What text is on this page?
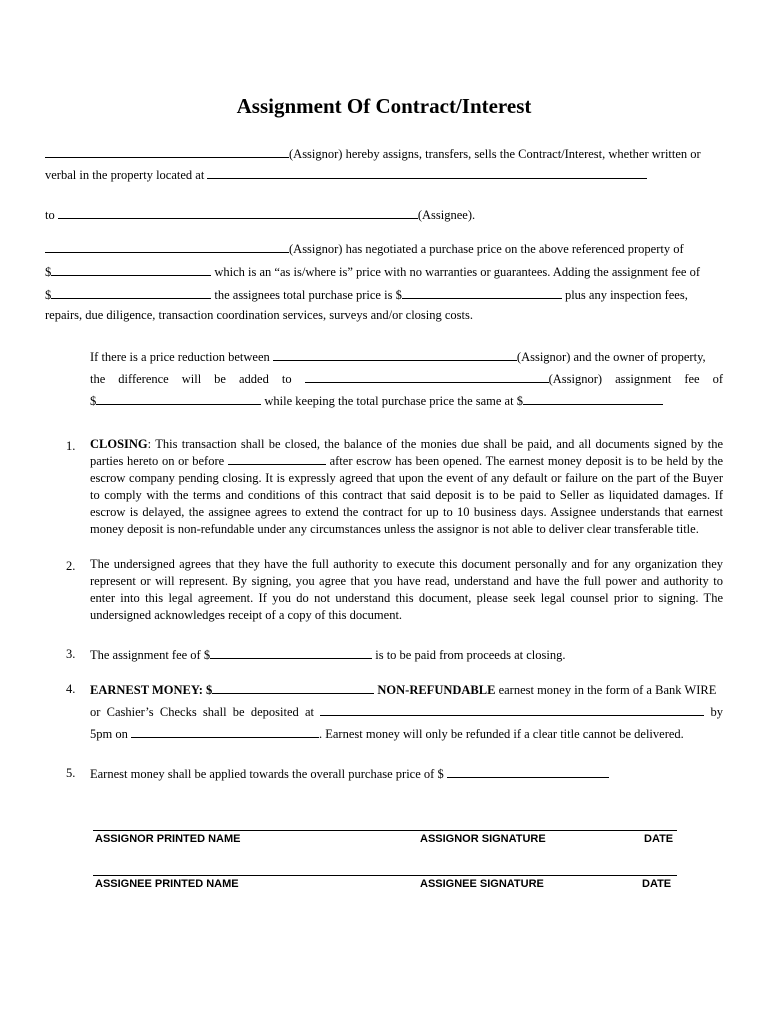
Assignment Of Contract/Interest
(Assignor) hereby assigns, transfers, sells the Contract/Interest, whether written or
verbal in the property located at
to	(Assignee).
(Assignor) has negotiated a purchase price on the above referenced property of
$	which is an “as is/where is” price with no warranties or guarantees. Adding the assignment fee of
$	the assignees total purchase price is $	plus any inspection fees,
repairs, due diligence, transaction coordination services, surveys and/or closing costs.
If there is a price reduction between	(Assignor) and the owner of property,
the difference will be added to	(Assignor) assignment fee of
$	while keeping the total purchase price the same at $
1. CLOSING: This transaction shall be closed, the balance of the monies due shall be paid, and all documents signed by the parties hereto on or before	after escrow has been opened. The earnest money deposit is to be held by the escrow company pending closing. It is expressly agreed that upon the event of any default or failure on the part of the Buyer to comply with the terms and conditions of this contract that said deposit is to be paid to Seller as liquidated damages. If escrow is delayed, the assignee agrees to extend the contract for up to 10 business days. Assignee understands that earnest money deposit is non-refundable under any circumstances unless the assignor is not able to deliver clear transferable title.

2. The undersigned agrees that they have the full authority to execute this document personally and for any organization they represent or will represent. By signing, you agree that you have read, understand and have the full power and authority to enter into this legal agreement. If you do not understand this document, please seek legal counsel prior to signing. The undersigned acknowledges receipt of a copy of this document.

3. The assignment fee of $	is to be paid from proceeds at closing.
4. EARNEST MONEY: $	NON-REFUNDABLE earnest money in the form of a Bank WIRE
or Cashier’s Checks shall be deposited at	by
5pm on	. Earnest money will only be refunded if a clear title cannot be delivered.
5. Earnest money shall be applied towards the overall purchase price of $
ASSIGNOR PRINTED NAME	ASSIGNOR SIGNATURE	DATE
ASSIGNEE PRINTED NAME	ASSIGNEE SIGNATURE	DATE
